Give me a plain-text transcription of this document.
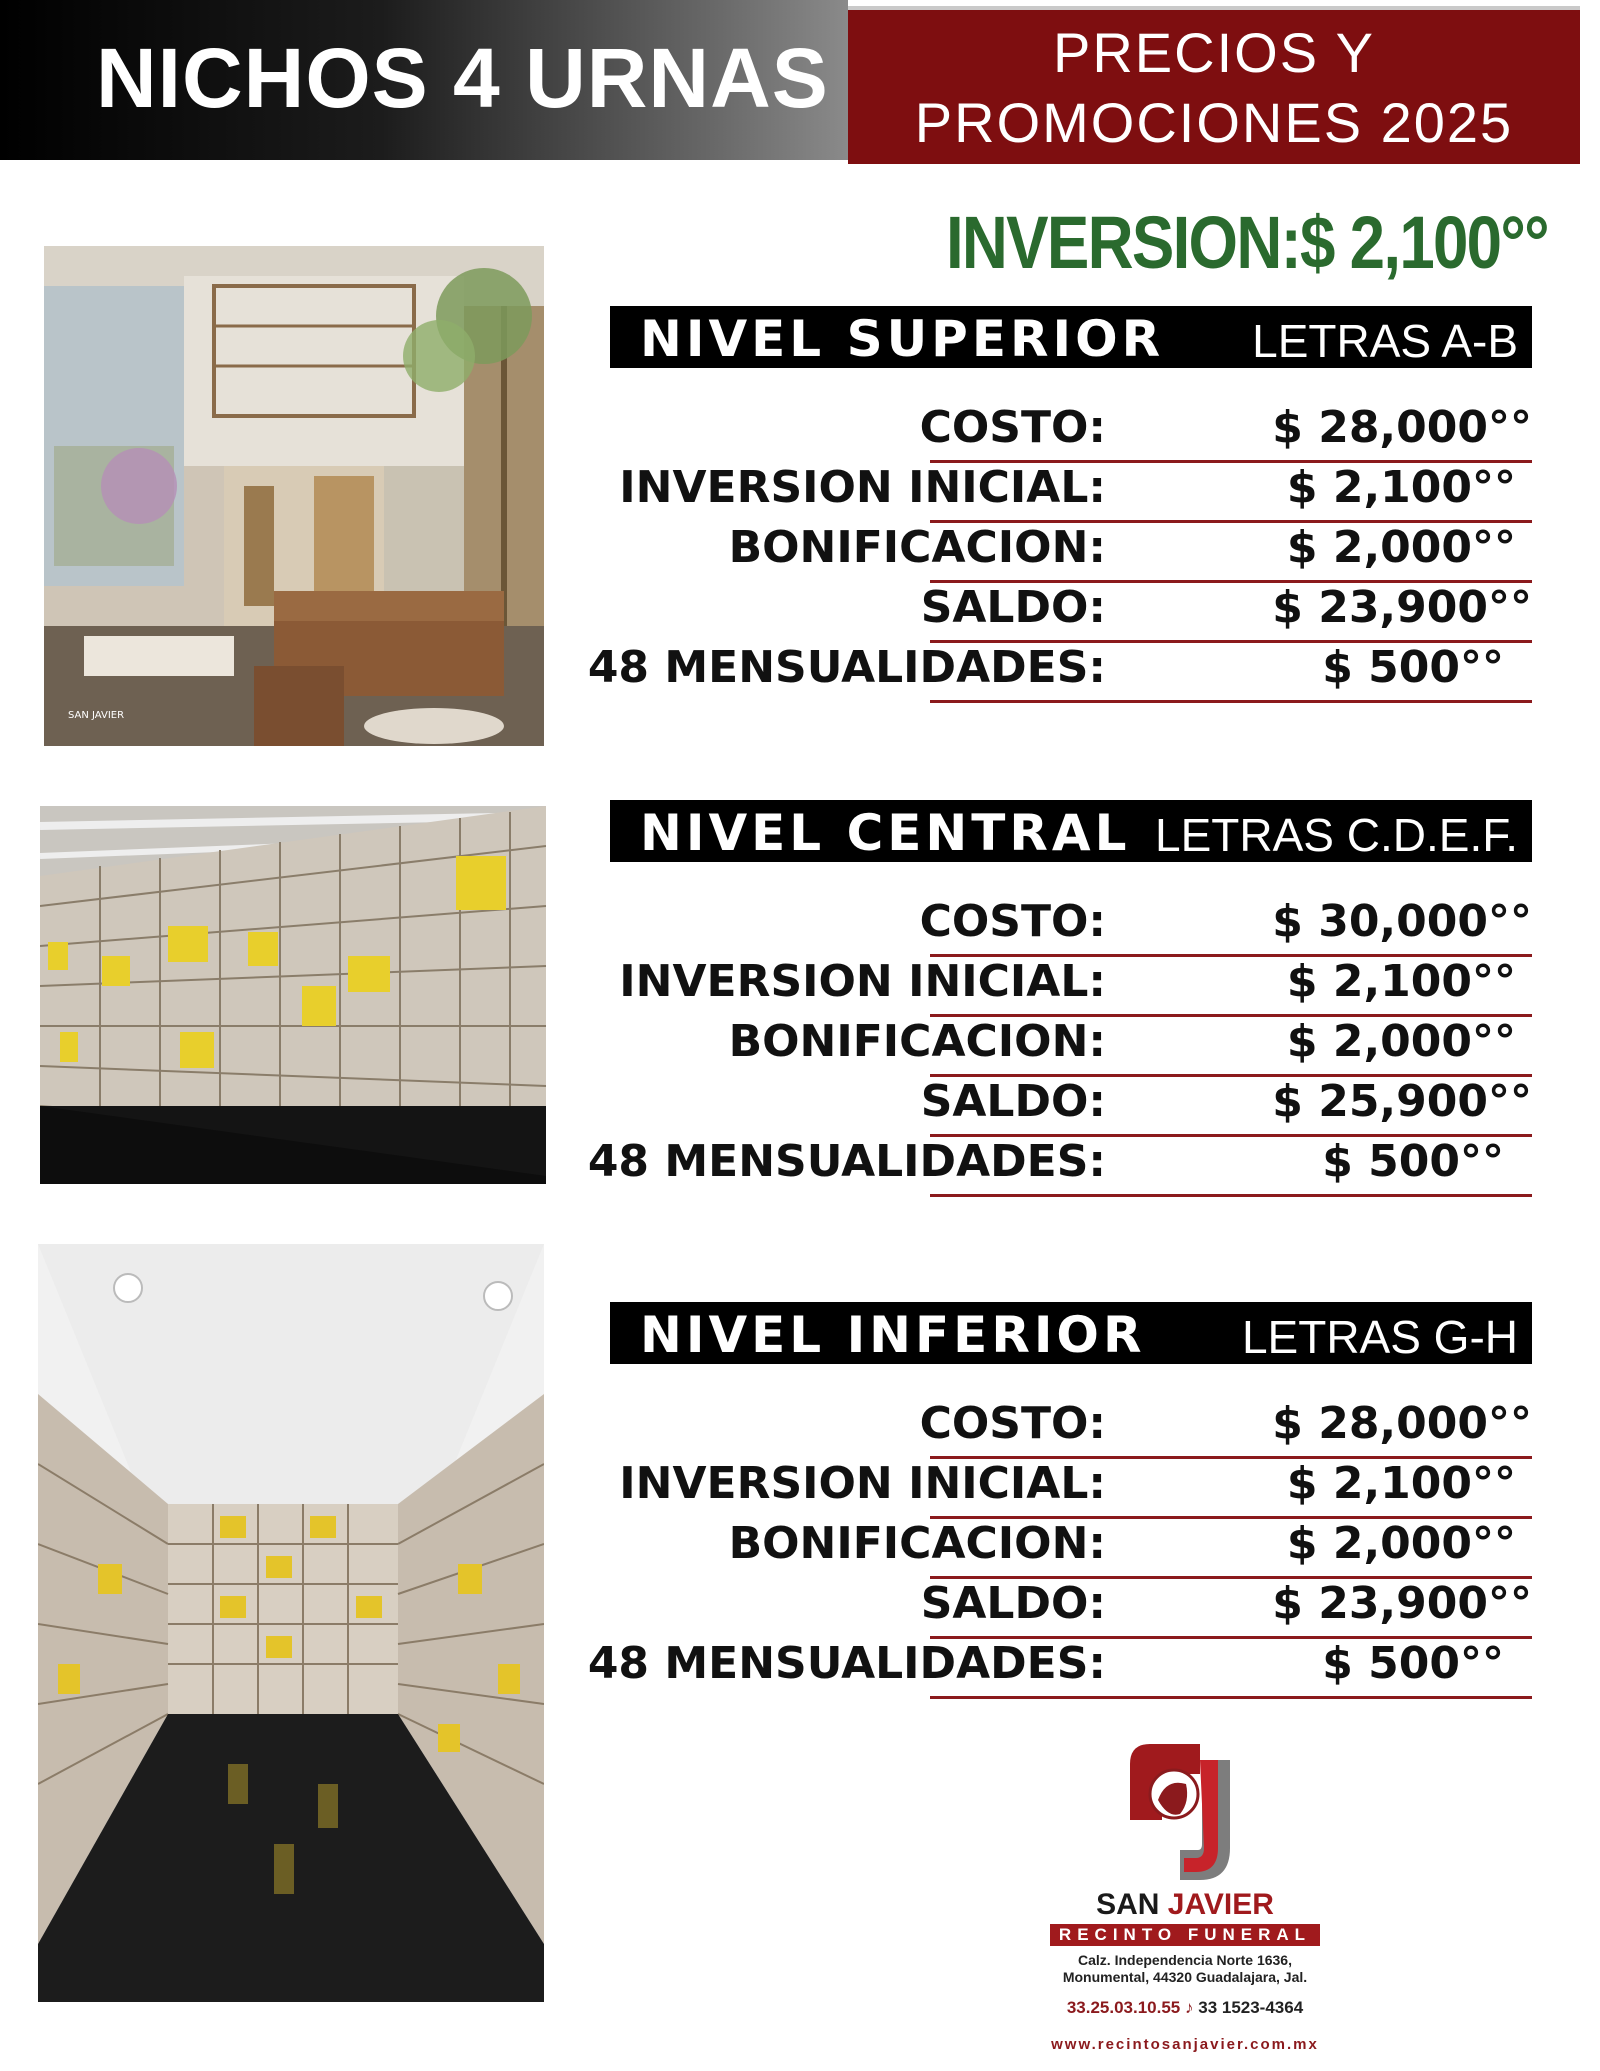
NICHOS 4 URNAS	PRECIOS Y
PROMOCIONES 2025
INVERSION:$ 2,100°°
SAN JAVIER
NIVEL SUPERIOR LETRAS A-B
COSTO:	$ 28,000°°
INVERSION INICIAL:	$ 2,100°°
BONIFICACION:	$ 2,000°°
SALDO:	$ 23,900°°
48 MENSUALIDADES:	$ 500°°
NIVEL CENTRAL LETRAS C.D.E.F.
COSTO:	$ 30,000°°
INVERSION INICIAL:	$ 2,100°°
BONIFICACION:	$ 2,000°°
SALDO:	$ 25,900°°
48 MENSUALIDADES:	$ 500°°
NIVEL INFERIOR LETRAS G-H
COSTO:	$ 28,000°°
INVERSION INICIAL:	$ 2,100°°
BONIFICACION:	$ 2,000°°
SALDO:	$ 23,900°°
48 MENSUALIDADES:	$ 500°°
SAN JAVIER
RECINTO FUNERAL
Calz. Independencia Norte 1636,
Monumental, 44320 Guadalajara, Jal.
33.25.03.10.55 ♪ 33 1523-4364
www.recintosanjavier.com.mx
